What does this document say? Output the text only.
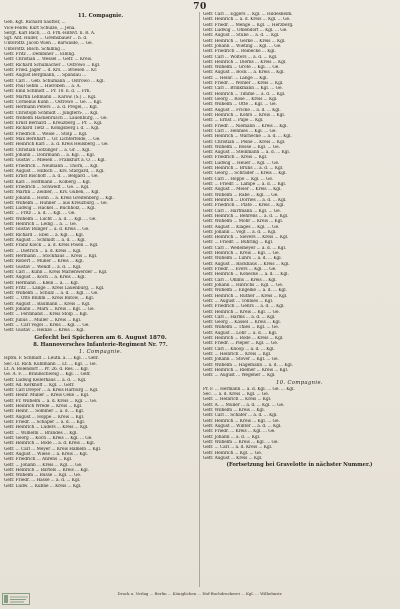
70
11. Compagnie.

Geh. Kgt. Richard Sautter, ...

Vice-Feldw. Kurt Schulze, ... Jena.

Sergt. Karl Bach, ... d. Frh.-Hilfsvt. n. R. A.

Sgt. Ant. Hüller, ... Gremsbauer ... n. d.

Unteroffz. Jacob Wien ... Bärwalde, ... Ge.

Unteroffz. Bisch. Schilling ...

Gefr. Fritz ... Dembiner ... Elbing.

Gefr. Christian ... Wessel ... Gefr. ... Kreis.

Gefr. Richard Schumacher ... Ostrowo ... Kgl.

Gefr. Fried. Jäger ... d. Krs. ... Briesen ... Kr.

Gefr. August Bergmann, ... Spandau ...

Gefr. Carl ... Geb. Schumann ... Ostrowo ... Kgl.

Gefr. Paul Sehm ... Hieroben ... a. A.

Gefr. Emil Schmidt ... Pr. 10. n. d. ... Frh.

Gefr. Martin Lehmann ... Karow. (S.) ... Kgl.

Gefr. Cornelius Kühn ... Ostrowo ... Ge. ... Kgl.

Gefr. Hermann Peters ... a. d. Pregel, ... Kgl.

Gefr. Christoph Schmidt ... Jungfern-, ... Kgl.

Gefr. Wilhelm Hackebrusch ... Lauenburg, ... Ge.

Gefr. Ernst Bernard ... Kreuzberg ... Pr. ... Kgl.

Gefr. Richard Tietz ... Königsberg i. d. ... Kgl.

Gefr. Friedrich ... Weise ... Stolp ... Kgl.

Gefr. Max Bernhart ... Gr. Lichterfelde, ... Ge.

Gefr. Heinrich Karl ... a. d. Kreis Heilsberg ... Ge.

Gefr. Christian Götzinger ... a. Gr. ... Kgl.

Gefr. Johann ... Döhrmann ... a. Kgl. ... Kgl.

Gefr. Gustav ... Miesen ... Frankfurt a. O. ... Kgl.

Gefr. Friedrich ... Neumann ... Thorn, ... Kgl.

Gefr. August ... Hilbich ... Krs. Stargard, ... Kgl.

Gefr. Ernst Bischoff ... a. d. ... Belgard ... Ge.

Gefr. Karl ... Hoffmann ... Kolberg ... Kgl.

Gefr. Friedrich ... Schwedt ... Ge. ... Kgl.

Gefr. Martin ... Zeidler, ... Krs. Guben, ... Kgl.

Gefr. Johann ... Hohn ... a. Kreis Greifenberg ... Kgl.

Gefr. Wilhelm ... Hühner ... aus Kreuzburg ... Ge.

Gefr. Ludwig ... Hackel ... Buchholz, ... Kgl.

Gefr. ... Fritz ... a. d. ... Kgl. ... Ge.

Gefr. Wilhelm ... Lucht ... a. d. ... Kgl. ... Ge.

Gefr. Heinrich ... Ledig ... a. ... Ge.

Gefr. Gustav Bünger ... a. d. Kreis ... Ge.

Gefr. Richard ... Ebel ... a. Kgl. ... Kgl.

Gefr. August ... Schmidt ... a. d. ... Kgl.

Gefr. Franz Klock ... a. d. Kreis Posen ... Kgl.

Gefr. ... Dietrich ... a. d. Kreis ... Kgl.

Gefr. Hermann ... Stockhaus ... Kreis ... Kgl.

Gefr. Robert ... Müller ... Kreis ... Kgl.

Gefr. Gustav ... Wendt ... a. d. ... Kgl.

Gefr. Carl ... Kühn ... Kreis Marienwerder ... Kgl.

Gefr. August ... Koch ... a. Kreis ... Kgl.

Gefr. Hermann ... Klein ... a. ... Kgl.

Gefr. Fritz ... Lange ... Kreis Lauenburg, ... Kgl.

Gefr. Wilhelm ... Schulz ... a. d. ... Kgl. ... Ge.

Gefr. ... Otto Bluhm ... Kreis Bütow, ... Kgl.

Gefr. August ... Baumann ... Kreis ... Kgl.

Gefr. Johann ... Marx ... Kreis ... Kgl. ... Ge.

Gefr. ... Ferdinand ... Kreis Stolp ... Kgl.

Gefr. Julius ... Müller ... Kreis ... Kgl.

Gefr. ... Carl Vogel ... Kreis ... Kgl. ... Ge.

Gefr. Gustav ... Heinze ... Kreis ... Kgl.

Gefecht bei Spicheren am 6. August 1870.
8. Hannoversches Infanterie-Regiment Nr. 77.
1. Compagnie.

Hptm. F. Schmidt ... Leutn. a. ... Kgl. ... Gefr.

Sec.-Lt. Rich. Kuhlmann ... Lt. ... Kgl. ... Ge.

Lt. A. Bölendorf ... Pr. 26. d. Res. ... Kgl.

Ge. A. F. ... Braunschweig ... Kgl. ... Gefr.

Gefr. Ludwig Kellerhaus ... a. d. ... Kgl.

Gefr. Ad. Kerkhoff ... Kgl. ... Gefr.

Gefr. Carl Dreyer ... a. Kreis Harburg ... Kgl.

Gefr. Heinr. Müller ... Kreis Celle ... Kgl.

Gefr. Fr. Wilhelm ... a. d. Kreis ... Kgl. ... Ge.

Gefr. Heinrich Wrede ... Kreis ... Kgl.

Gefr. Heinr. ... Sommer ... a. d. ... Kgl.

Gefr. August ... Hoppe ... Kreis ... Kgl.

Gefr. Friedr. ... Schaper ... a. d. ... Kgl.

Gefr. Heinrich ... Lüders ... Kreis ... Kgl.

Gefr. ... Wilhelm ... Brandes ... Kgl.

Gefr. Georg ... Koch ... Kreis ... Kgl. ... Ge.

Gefr. Heinrich ... Bode ... a. d. Kreis ... Kgl.

Gefr. ... Carl ... Meyer ... Kreis Hameln ... Kgl.

Gefr. August ... Wiese ... a. Kreis ... Kgl.

Gefr. Friedrich ... Ahrens ... Kgl.

Gefr. ... Johann ... Kreis ... Kgl. ... Ge.

Gefr. Heinrich ... Bartels ... Kreis ... Kgl.

Gefr. Wilhelm ... Busse ... Kgl. ... Ge.

Gefr. Friedr. ... Hasse ... a. d. ... Kgl.

Gefr. Ludw. ... Kühne ... Kreis ... Kgl.

Gefr. Carl ... Eggers ... Kgl. ... Hildesheim.

Gefr. Heinrich ... a. d. Kreis ... Kgl. ... Ge.

Gefr. Friedr. ... Menge ... Kgl. ... Herzberg.

Gefr. Ludwig ... Ohlendorf ... Kgl. ... Ge.

Gefr. August ... Stübe ... a. d. ... Kgl.

Gefr. Heinrich ... Gerke ... Kreis ... Kgl.

Gefr. Johann ... Wieting ... Kgl. ... Ge.

Gefr. Friedrich ... Reinecke ... Kgl.

Gefr. Carl ... Wolters ... a. d. ... Kgl.

Gefr. Heinrich ... Dierks ... Kreis ... Kgl.

Gefr. Wilhelm ... Grote ... Kgl. ... Ge.

Gefr. August ... Bock ... a. Kreis ... Kgl.

Gefr. ... Heinr. ... Lange ... Kgl.

Gefr. Friedr. ... Wöhler ... Kreis ... Kgl.

Gefr. Carl ... Brinkmann ... Kgl. ... Ge.

Gefr. Heinrich ... Timme ... a. d. ... Kgl.

Gefr. Georg ... Rose ... Kreis ... Kgl.

Gefr. Wilhelm ... Otte ... Kgl. ... Ge.

Gefr. August ... Fricke ... a. d. ... Kgl.

Gefr. Heinrich ... Kohrs ... Kreis ... Kgl.

Gefr. ... Ernst ... Pape ... Kgl.

Gefr. Friedr. ... Niemann ... Kreis ... Kgl.

Gefr. Carl ... Hennies ... Kgl. ... Ge.

Gefr. Heinrich ... Warnecke ... a. d. ... Kgl.

Gefr. Christian ... Peine ... Kreis ... Kgl.

Gefr. Wilhelm ... Bosse ... Kgl. ... Ge.

Gefr. August ... Steinmann ... a. d. ... Kgl.

Gefr. Friedrich ... Kreis ... Kgl.

Gefr. Ludwig ... Heuer ... Kgl. ... Ge.

Gefr. Heinrich ... Bruns ... a. d. ... Kgl.

Gefr. Georg ... Schrader ... Kreis ... Kgl.

Gefr. Carl ... Hoppe ... Kgl. ... Ge.

Gefr. ... Friedr. ... Lampe ... a. d. ... Kgl.

Gefr. August ... Meier ... Kreis ... Kgl.

Gefr. Wilhelm ... Rabe ... Kgl. ... Ge.

Gefr. Heinrich ... Dörries ... a. d. ... Kgl.

Gefr. Friedrich ... Plate ... Kreis ... Kgl.

Gefr. Carl ... Hartmann ... Kgl. ... Ge.

Gefr. Heinrich ... Behrens ... a. d. ... Kgl.

Gefr. Wilhelm ... Mohr ... Kreis ... Kgl.

Gefr. August ... Klages ... Kgl. ... Ge.

Gefr. Johann ... Vogt ... a. d. ... Kgl.

Gefr. Heinrich ... Sievers ... Kreis ... Kgl.

Gefr. ... Friedr. ... Bühring ... Kgl.

Gefr. Carl ... Wedemeyer ... a. d. ... Kgl.

Gefr. Heinrich ... Kreis ... Kgl. ... Ge.

Gefr. Wilhelm ... Lührs ... a. d. ... Kgl.

Gefr. August ... Backhaus ... Kreis ... Kgl.

Gefr. Friedr. ... Evers ... Kgl. ... Ge.

Gefr. Heinrich ... Könecke ... a. d. ... Kgl.

Gefr. Carl ... Ohlms ... Kreis ... Kgl.

Gefr. Johann ... Hinrichs ... Kgl. ... Ge.

Gefr. Wilhelm ... Engelke ... a. d. ... Kgl.

Gefr. Heinrich ... Rüther ... Kreis ... Kgl.

Gefr. ... August ... Tönnies ... Kgl.

Gefr. Friedrich ... Gehrs ... a. d. ... Kgl.

Gefr. Heinrich ... Kreis ... Kgl. ... Ge.

Gefr. Carl ... Harms ... a. d. ... Kgl.

Gefr. Georg ... Kassel ... Kreis ... Kgl.

Gefr. Wilhelm ... Thies ... Kgl. ... Ge.

Gefr. August ... Löhr ... a. d. ... Kgl.

Gefr. Heinrich ... Bode ... Kreis ... Kgl.

Gefr. Friedr. ... Pieper ... Kgl. ... Ge.

Gefr. Carl ... Knoop ... a. d. ... Kgl.

Gefr. ... Heinrich ... Kreis ... Kgl.

Gefr. Johann ... Stöver ... Kgl. ... Ge.

Gefr. Wilhelm ... Hagemann ... a. d. ... Kgl.

Gefr. Heinrich ... Riemer ... Kreis ... Kgl.

Gefr. ... August ... Wegener ... Kgl.

10. Compagnie.

Pr. F. ... Hermann ... a. d. Kgl. ... Ge. ... Kgl.

Sec. ... a. d. Kreis ... Kgl. ... Ge.

Gefr. ... Heinrich ... Kreis ... Kgl.

Gefr. A. ... Müller ... a. d. ... Kgl. ... Ge.

Gefr. Wilhelm ... Kreis ... Kgl.

Gefr. Carl ... Schäfer ... a. d. ... Kgl.

Gefr. Heinrich ... Kreis ... Kgl. ... Ge.

Gefr. August ... Winter ... a. d. ... Kgl.

Gefr. Friedr. ... Kreis ... Kgl. ... Ge.

Gefr. Johann ... a. d. ... Kgl.

Gefr. Wilhelm ... Kreis ... Kgl. ... Ge.

Gefr. ... Carl ... a. d. Kreis ... Kgl.

Gefr. Heinrich ... Kgl. ... Ge.

Gefr. August ... Kreis ... Kgl.

(Fortsetzung bei Gravelotte in nächster Nummer.)
Druck u. Verlag ... Berlin ... Königlichen ... Hof-Buchdruckerei ... Kgl. ... Wilhelmstr.
